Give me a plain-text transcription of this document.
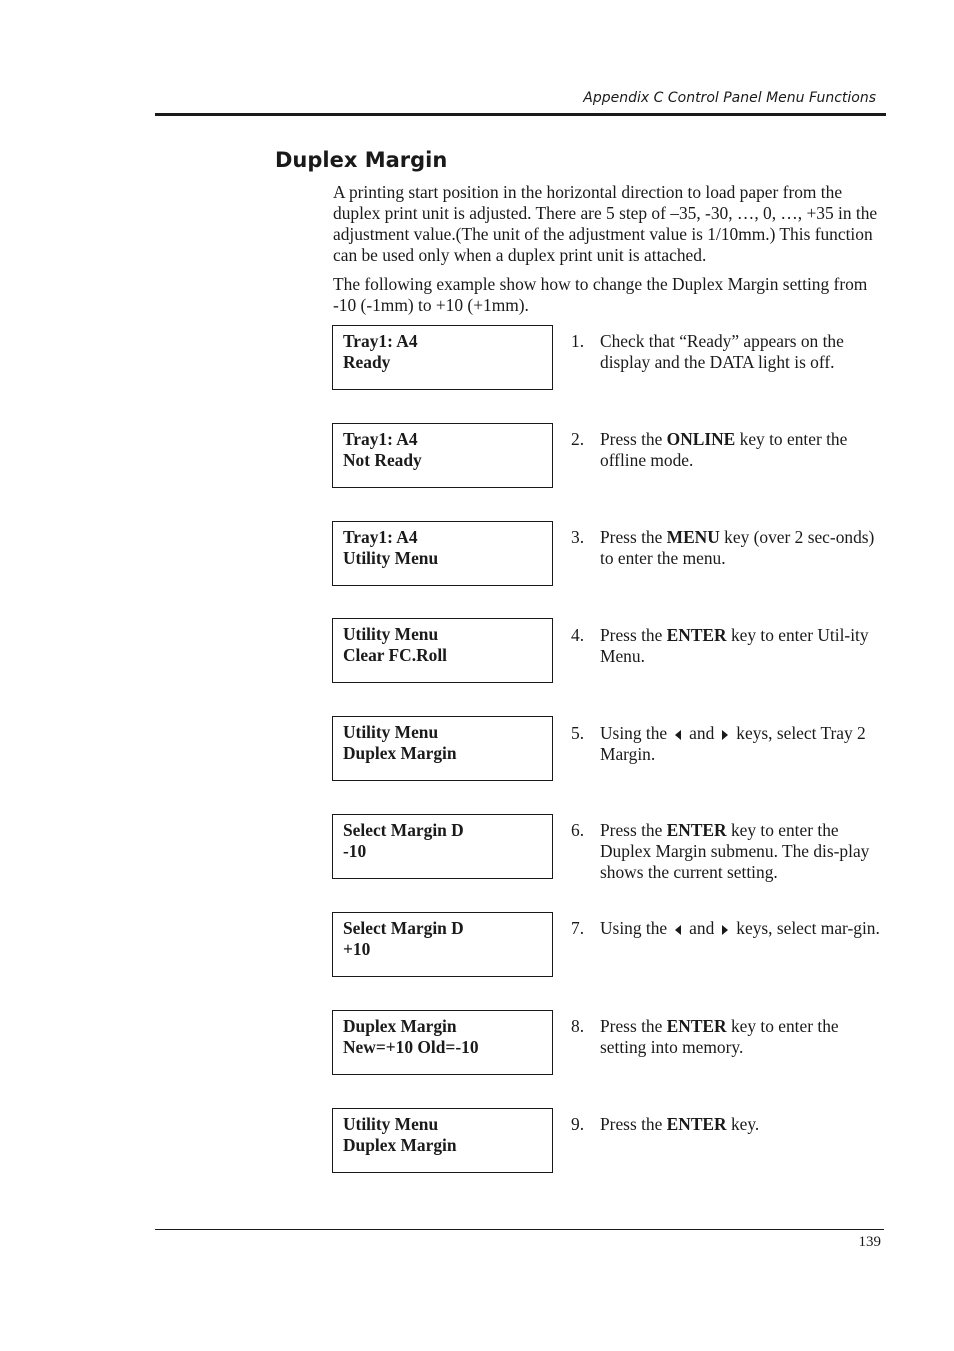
Appendix C Control Panel Menu Functions
Duplex Margin

A printing start position in the horizontal direction to load paper from the duplex print unit is adjusted. There are 5 step of –35, -30, …, 0, …, +35 in the adjustment value.(The unit of the adjustment value is 1/10mm.) This function can be used only when a duplex print unit is attached.

The following example show how to change the Duplex Margin setting from -10 (-1mm) to +10 (+1mm).

Tray1: A4
Ready
1. Check that “Ready” appears on the display and the DATA light is off.
Tray1: A4
Not Ready
2. Press the ONLINE key to enter the offline mode.
Tray1: A4
Utility Menu
3. Press the MENU key (over 2 sec-onds) to enter the menu.
Utility Menu
Clear FC.Roll
4. Press the ENTER key to enter Util-ity Menu.
Utility Menu
Duplex Margin
5. Using the and keys, select Tray 2 Margin.
Select Margin D
-10
6. Press the ENTER key to enter the Duplex Margin submenu. The dis-play shows the current setting.
Select Margin D
+10
7. Using the and keys, select mar-gin.
Duplex Margin
New=+10 Old=-10
8. Press the ENTER key to enter the setting into memory.
Utility Menu
Duplex Margin
9. Press the ENTER key.
139
